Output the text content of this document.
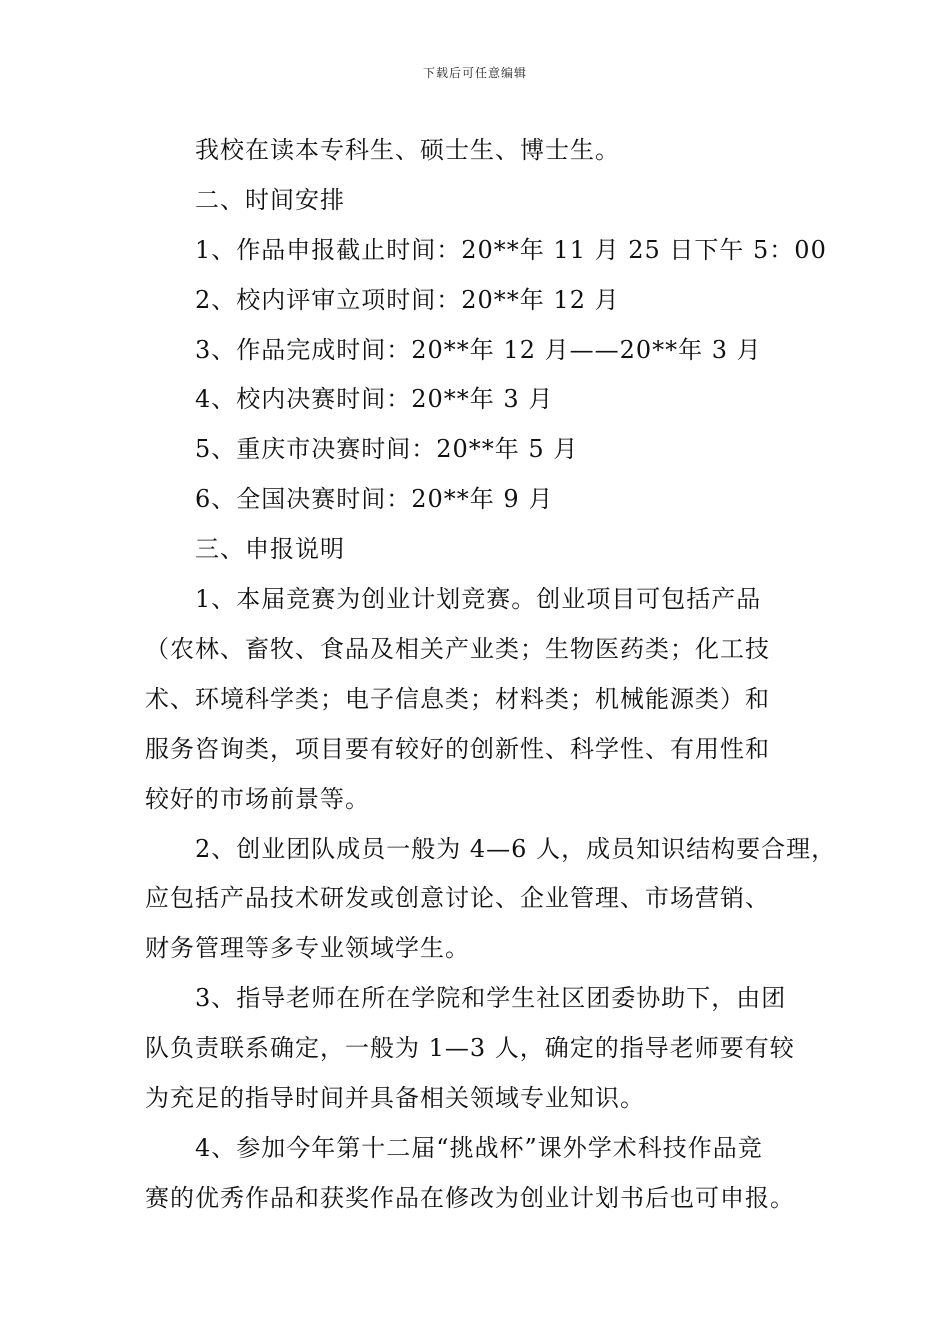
下载后可任意编辑
我校在读本专科生、硕士生、博士生。
二、时间安排
1、作品申报截止时间：20**年 11 月 25 日下午 5：00
2、校内评审立项时间：20**年 12 月
3、作品完成时间：20**年 12 月——20**年 3 月
4、校内决赛时间：20**年 3 月
5、重庆市决赛时间：20**年 5 月
6、全国决赛时间：20**年 9 月
三、申报说明
1、本届竞赛为创业计划竞赛。创业项目可包括产品
（农林、畜牧、食品及相关产业类；生物医药类；化工技
术、环境科学类；电子信息类；材料类；机械能源类）和
服务咨询类，项目要有较好的创新性、科学性、有用性和
较好的市场前景等。
2、创业团队成员一般为 4—6 人，成员知识结构要合理，
应包括产品技术研发或创意讨论、企业管理、市场营销、
财务管理等多专业领域学生。
3、指导老师在所在学院和学生社区团委协助下，由团
队负责联系确定，一般为 1—3 人，确定的指导老师要有较
为充足的指导时间并具备相关领域专业知识。
4、参加今年第十二届“挑战杯”课外学术科技作品竞
赛的优秀作品和获奖作品在修改为创业计划书后也可申报。
